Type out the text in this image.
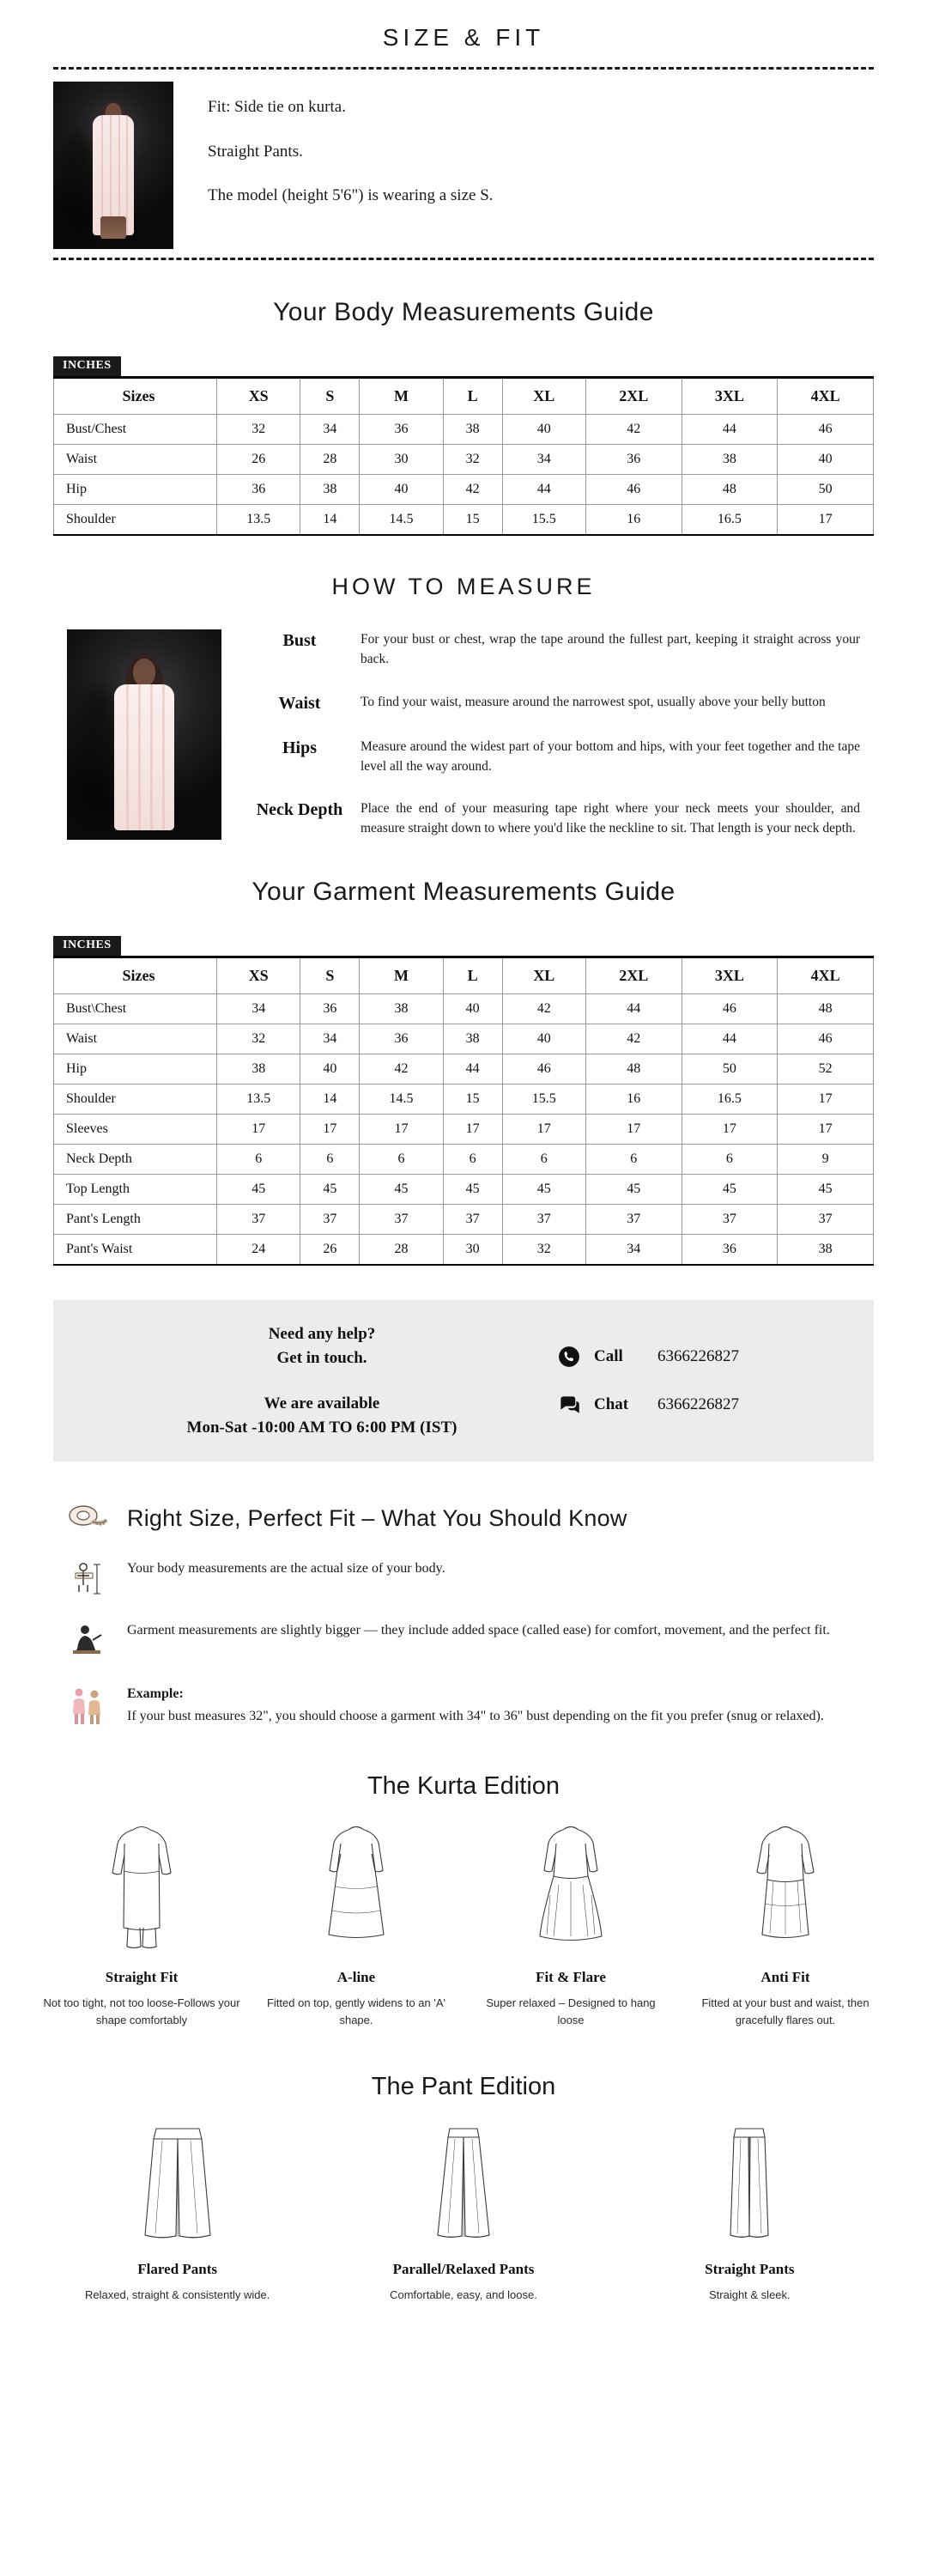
SIZE & FIT

Fit: Side tie on kurta.

Straight Pants.

The model (height 5'6") is wearing a size S.

Your Body Measurements Guide
INCHES
Sizes	XS	S	M	L	XL	2XL	3XL	4XL
Bust/Chest	32	34	36	38	40	42	44	46
Waist	26	28	30	32	34	36	38	40
Hip	36	38	40	42	44	46	48	50
Shoulder	13.5	14	14.5	15	15.5	16	16.5	17
HOW TO MEASURE
Bust	For your bust or chest, wrap the tape around the fullest part, keeping it straight across your back.
Waist	To find your waist, measure around the narrowest spot, usually above your belly button
Hips	Measure around the widest part of your bottom and hips, with your feet together and the tape level all the way around.
Neck Depth	Place the end of your measuring tape right where your neck meets your shoulder, and measure straight down to where you'd like the neckline to sit. That length is your neck depth.
Your Garment Measurements Guide
INCHES
Sizes	XS	S	M	L	XL	2XL	3XL	4XL
Bust\Chest	34	36	38	40	42	44	46	48
Waist	32	34	36	38	40	42	44	46
Hip	38	40	42	44	46	48	50	52
Shoulder	13.5	14	14.5	15	15.5	16	16.5	17
Sleeves	17	17	17	17	17	17	17	17
Neck Depth	6	6	6	6	6	6	6	9
Top Length	45	45	45	45	45	45	45	45
Pant's Length	37	37	37	37	37	37	37	37
Pant's Waist	24	26	28	30	32	34	36	38
Need any help?
Get in touch.
We are available
Mon-Sat -10:00 AM TO 6:00 PM (IST)
Call	6366226827
Chat	6366226827
Right Size, Perfect Fit – What You Should Know
Your body measurements are the actual size of your body.
Garment measurements are slightly bigger — they include added space (called ease) for comfort, movement, and the perfect fit.
Example:
If your bust measures 32", you should choose a garment with 34" to 36" bust depending on the fit you prefer (snug or relaxed).
The Kurta Edition
Straight Fit
Not too tight, not too loose-Follows your shape comfortably
A-line
Fitted on top, gently widens to an 'A' shape.
Fit & Flare
Super relaxed – Designed to hang loose
Anti Fit
Fitted at your bust and waist, then gracefully flares out.
The Pant Edition
Flared Pants
Relaxed, straight & consistently wide.
Parallel/Relaxed Pants
Comfortable, easy, and loose.
Straight Pants
Straight & sleek.
